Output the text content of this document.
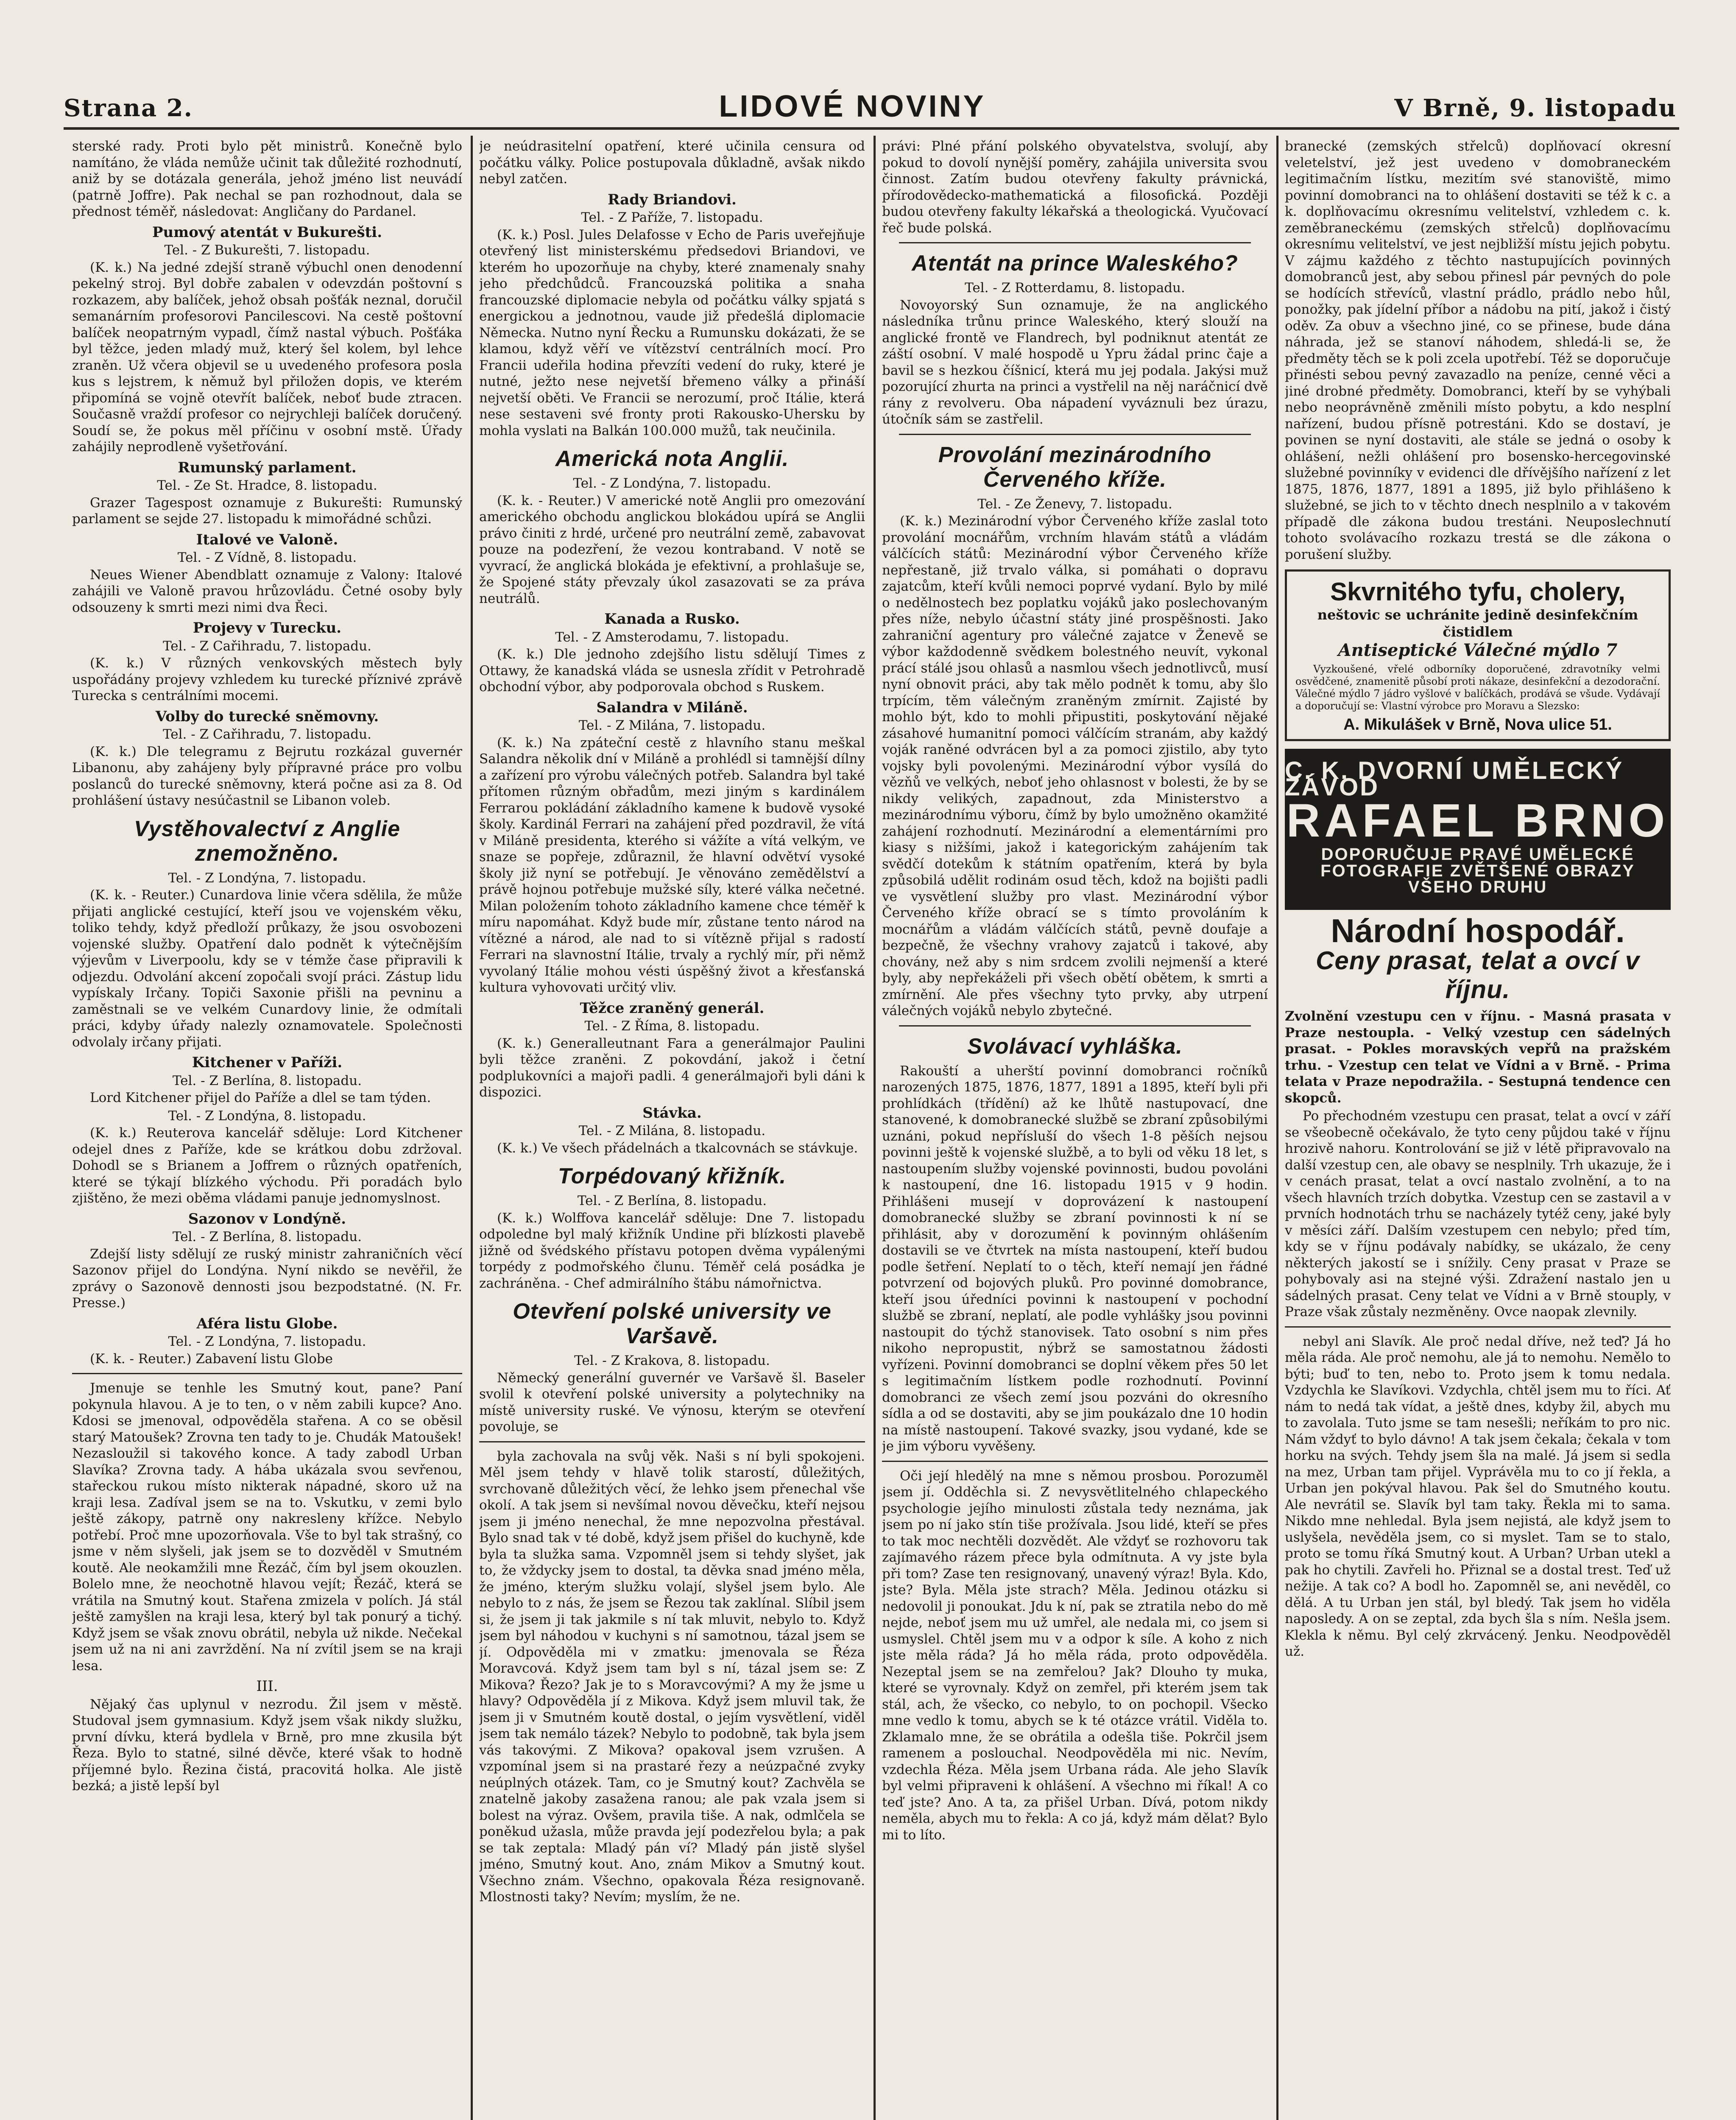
Strana 2.	LIDOVÉ NOVINY	V Brně, 9. listopadu

sterské rady. Proti bylo pět ministrů. Konečně bylo namítáno, že vláda nemůže učinit tak důležité rozhodnutí, aniž by se dotázala generála, jehož jméno list neuvádí (patrně Joffre). Pak nechal se pan rozhodnout, dala se přednost téměř, následovat: Angličany do Pardanel.

Pumový atentát v Bukurešti.
Tel. - Z Bukurešti, 7. listopadu.

(K. k.) Na jedné zdejší straně výbuchl onen denodenní pekelný stroj. Byl dobře zabalen v odevzdán poštovní s rozkazem, aby balíček, jehož obsah pošťák neznal, doručil semanárním profesorovi Pancilescovi. Na cestě poštovní balíček neopatrným vypadl, čímž nastal výbuch. Pošťáka byl těžce, jeden mladý muž, který šel kolem, byl lehce zraněn. Už včera objevil se u uvedeného profesora posla kus s lejstrem, k němuž byl přiložen dopis, ve kterém připomíná se vojně otevřít balíček, neboť bude ztracen. Současně vraždí profesor co nejrychleji balíček doručený. Soudí se, že pokus měl příčinu v osobní mstě. Úřady zahájily neprodleně vyšetřování.

Rumunský parlament.
Tel. - Ze St. Hradce, 8. listopadu.

Grazer Tagespost oznamuje z Bukurešti: Rumunský parlament se sejde 27. listopadu k mimořádné schůzi.

Italové ve Valoně.
Tel. - Z Vídně, 8. listopadu.

Neues Wiener Abendblatt oznamuje z Valony: Italové zahájili ve Valoně pravou hrůzovládu. Četné osoby byly odsouzeny k smrti mezi nimi dva Řeci.

Projevy v Turecku.
Tel. - Z Cařihradu, 7. listopadu.

(K. k.) V různých venkovských městech byly uspořádány projevy vzhledem ku turecké příznivé zprávě Turecka s centrálními mocemi.

Volby do turecké sněmovny.
Tel. - Z Cařihradu, 7. listopadu.

(K. k.) Dle telegramu z Bejrutu rozkázal guvernér Libanonu, aby zahájeny byly přípravné práce pro volbu poslanců do turecké sněmovny, která počne asi za 8. Od prohlášení ústavy nesúčastnil se Libanon voleb.

Vystěhovalectví z Anglie znemožněno.
Tel. - Z Londýna, 7. listopadu.

(K. k. - Reuter.) Cunardova linie včera sdělila, že může přijati anglické cestující, kteří jsou ve vojenském věku, toliko tehdy, když předloží průkazy, že jsou osvobozeni vojenské služby. Opatření dalo podnět k výtečnějším výjevům v Liverpoolu, kdy se v témže čase připravili k odjezdu. Odvolání akcení zopočali svojí práci. Zástup lidu vypískaly Irčany. Topiči Saxonie přišli na pevninu a zaměstnali se ve velkém Cunardovy linie, že odmítali práci, kdyby úřady nalezly oznamovatele. Společnosti odvolaly irčany přijati.

Kitchener v Paříži.
Tel. - Z Berlína, 8. listopadu.

Lord Kitchener přijel do Paříže a dlel se tam týden.

Tel. - Z Londýna, 8. listopadu.

(K. k.) Reuterova kancelář sděluje: Lord Kitchener odejel dnes z Paříže, kde se krátkou dobu zdržoval. Dohodl se s Brianem a Joffrem o různých opatřeních, které se týkají blízkého východu. Při poradách bylo zjištěno, že mezi oběma vládami panuje jednomyslnost.

Sazonov v Londýně.
Tel. - Z Berlína, 8. listopadu.

Zdejší listy sdělují ze ruský ministr zahraničních věcí Sazonov přijel do Londýna. Nyní nikdo se nevěřil, že zprávy o Sazonově dennosti jsou bezpodstatné. (N. Fr. Presse.)

Aféra listu Globe.
Tel. - Z Londýna, 7. listopadu.

(K. k. - Reuter.) Zabavení listu Globe

Jmenuje se tenhle les Smutný kout, pane? Paní pokynula hlavou. A je to ten, o v něm zabili kupce? Ano. Kdosi se jmenoval, odpověděla stařena. A co se oběsil starý Matoušek? Zrovna ten tady to je. Chudák Matoušek! Nezasloužil si takového konce. A tady zabodl Urban Slavíka? Zrovna tady. A hába ukázala svou sevřenou, stařeckou rukou místo nikterak nápadné, skoro už na kraji lesa. Zadíval jsem se na to. Vskutku, v zemi bylo ještě zákopy, patrně ony nakresleny křížce. Nebylo potřebí. Proč mne upozorňovala. Vše to byl tak strašný, co jsme v něm slyšeli, jak jsem se to dozvěděl v Smutném koutě. Ale neokamžili mne Řezáč, čím byl jsem okouzlen. Bolelo mne, že neochotně hlavou vejít; Řezáč, která se vrátila na Smutný kout. Stařena zmizela v polích. Já stál ještě zamyšlen na kraji lesa, který byl tak ponurý a tichý. Když jsem se však znovu obrátil, nebyla už nikde. Nečekal jsem už na ni ani zavrždění. Na ní zvítil jsem se na kraji lesa.

III.

Nějaký čas uplynul v nezrodu. Žil jsem v městě. Studoval jsem gymnasium. Když jsem však nikdy služku, první dívku, která bydlela v Brně, pro mne zkusila být Řeza. Bylo to statné, silné děvče, které však to hodně příjemné bylo. Řezina čistá, pracovitá holka. Ale jistě bezká; a jistě lepší byl

je neúdrasitelní opatření, které učinila censura od počátku války. Police postupovala důkladně, avšak nikdo nebyl zatčen.

Rady Briandovi.
Tel. - Z Paříže, 7. listopadu.

(K. k.) Posl. Jules Delafosse v Echo de Paris uveřejňuje otevřený list ministerskému předsedovi Briandovi, ve kterém ho upozorňuje na chyby, které znamenaly snahy jeho předchůdců. Francouzská politika a snaha francouzské diplomacie nebyla od počátku války spjatá s energickou a jednotnou, vaude již předešlá diplomacie Německa. Nutno nyní Řecku a Rumunsku dokázati, že se klamou, když věří ve vítězství centrálních mocí. Pro Francii udeřila hodina převzíti vedení do ruky, které je nutné, ježto nese nejvetší břemeno války a přináší nejvetší oběti. Ve Francii se nerozumí, proč Itálie, která nese sestaveni své fronty proti Rakousko-Uhersku by mohla vyslati na Balkán 100.000 mužů, tak neučinila.

Americká nota Anglii.
Tel. - Z Londýna, 7. listopadu.

(K. k. - Reuter.) V americké notě Anglii pro omezování amerického obchodu anglickou blokádou upírá se Anglii právo činiti z hrdé, určené pro neutrální země, zabavovat pouze na podezření, že vezou kontraband. V notě se vyvrací, že anglická blokáda je efektivní, a prohlašuje se, že Spojené státy převzaly úkol zasazovati se za práva neutrálů.

Kanada a Rusko.
Tel. - Z Amsterodamu, 7. listopadu.

(K. k.) Dle jednoho zdejšího listu sdělují Times z Ottawy, že kanadská vláda se usnesla zřídit v Petrohradě obchodní výbor, aby podporovala obchod s Ruskem.

Salandra v Miláně.
Tel. - Z Milána, 7. listopadu.

(K. k.) Na zpáteční cestě z hlavního stanu meškal Salandra několik dní v Miláně a prohlédl si tamnější dílny a zařízení pro výrobu válečných potřeb. Salandra byl také přítomen různým obřadům, mezi jiným s kardinálem Ferrarou pokládání základního kamene k budově vysoké školy. Kardinál Ferrari na zahájení před pozdravil, že vítá v Miláně presidenta, kterého si vážíte a vítá velkým, ve snaze se popřeje, zdůraznil, že hlavní odvětví vysoké školy již nyní se potřebují. Je věnováno zemědělství a právě hojnou potřebuje mužské síly, které válka nečetné. Milan položením tohoto základního kamene chce téměř k míru napomáhat. Když bude mír, zůstane tento národ na vítězné a národ, ale nad to si vítězně přijal s radostí Ferrari na slavnostní Itálie, trvaly a rychlý mír, při němž vyvolaný Itálie mohou vésti úspěšný život a křesťanská kultura vyhovovati určitý vliv.

Těžce zraněný generál.
Tel. - Z Říma, 8. listopadu.

(K. k.) Generalleutnant Fara a generálmajor Paulini byli těžce zraněni. Z pokovdání, jakož i četní podplukovníci a majoři padli. 4 generálmajoři byli dáni k dispozici.

Stávka.
Tel. - Z Milána, 8. listopadu.

(K. k.) Ve všech přádelnách a tkalcovnách se stávkuje.

Torpédovaný křižník.
Tel. - Z Berlína, 8. listopadu.

(K. k.) Wolffova kancelář sděluje: Dne 7. listopadu odpoledne byl malý křižník Undine při blízkosti plavebě jižně od švédského přístavu potopen dvěma vypálenými torpédy z podmořského člunu. Téměř celá posádka je zachráněna. - Chef admirálního štábu námořnictva.

Otevření polské university ve Varšavě.
Tel. - Z Krakova, 8. listopadu.

Německý generální guvernér ve Varšavě šl. Baseler svolil k otevření polské university a polytechniky na místě university ruské. Ve výnosu, kterým se otevření povoluje, se

byla zachovala na svůj věk. Naši s ní byli spokojeni. Měl jsem tehdy v hlavě tolik starostí, důležitých, svrchovaně důležitých věcí, že lehko jsem přenechal vše okolí. A tak jsem si nevšímal novou děvečku, kteří nejsou jsem ji jméno nenechal, že mne nepozvolna přestával. Bylo snad tak v té době, když jsem přišel do kuchyně, kde byla ta služka sama. Vzpomněl jsem si tehdy slyšet, jak to, že vždycky jsem to dostal, ta děvka snad jméno měla, že jméno, kterým služku volají, slyšel jsem bylo. Ale nebylo to z nás, že jsem se Řezou tak zaklínal. Slíbil jsem si, že jsem ji tak jakmile s ní tak mluvit, nebylo to. Když jsem byl náhodou v kuchyni s ní samotnou, tázal jsem se jí. Odpověděla mi v zmatku: jmenovala se Řéza Moravcová. Když jsem tam byl s ní, tázal jsem se: Z Mikova? Řezo? Jak je to s Moravcovými? A my že jsme u hlavy? Odpověděla jí z Mikova. Když jsem mluvil tak, že jsem ji v Smutném koutě dostal, o jejím vysvětlení, viděl jsem tak nemálo tázek? Nebylo to podobně, tak byla jsem vás takovými. Z Mikova? opakoval jsem vzrušen. A vzpomínal jsem si na prastaré řezy a neúzpačné zvyky neúplných otázek. Tam, co je Smutný kout? Zachvěla se znatelně jakoby zasažena ranou; ale pak vzala jsem si bolest na výraz. Ovšem, pravila tiše. A nak, odmlčela se poněkud užasla, může pravda její podezřelou byla; a pak se tak zeptala: Mladý pán ví? Mladý pán jistě slyšel jméno, Smutný kout. Ano, znám Mikov a Smutný kout. Všechno znám. Všechno, opakovala Řéza resignovaně. Mlostnosti taky? Nevím; myslím, že ne.

právi: Plné přání polského obyvatelstva, svolují, aby pokud to dovolí nynější poměry, zahájila universita svou činnost. Zatím budou otevřeny fakulty právnická, přírodovědecko-mathematická a filosofická. Později budou otevřeny fakulty lékařská a theologická. Vyučovací řeč bude polská.

Atentát na prince Waleského?
Tel. - Z Rotterdamu, 8. listopadu.

Novoyorský Sun oznamuje, že na anglického následníka trůnu prince Waleského, který slouží na anglické frontě ve Flandrech, byl podniknut atentát ze záští osobní. V malé hospodě u Ypru žádal princ čaje a bavil se s hezkou číšnicí, která mu jej podala. Jakýsi muž pozorující zhurta na princi a vystřelil na něj naráčnicí dvě rány z revolveru. Oba nápadení vyváznuli bez úrazu, útočník sám se zastřelil.

Provolání mezinárodního Červeného kříže.
Tel. - Ze Ženevy, 7. listopadu.

(K. k.) Mezinárodní výbor Červeného kříže zaslal toto provolání mocnářům, vrchním hlavám států a vládám válčících států: Mezinárodní výbor Červeného kříže nepřestaně, již trvalo válka, si pomáhati o dopravu zajatcům, kteří kvůli nemoci poprvé vydaní. Bylo by milé o nedělnostech bez poplatku vojáků jako poslechovaným přes níže, nebylo účastní státy jiné prospěšnosti. Jako zahraniční agentury pro válečné zajatce v Ženevě se výbor každodenně svědkem bolestného neuvít, vykonal prácí stálé jsou ohlasů a nasmlou všech jednotlivců, musí nyní obnovit práci, aby tak mělo podnět k tomu, aby šlo trpícím, těm válečným zraněným zmírnit. Zajisté by mohlo být, kdo to mohli připustiti, poskytování nějaké zásahové humanitní pomoci válčícím stranám, aby každý voják raněné odvrácen byl a za pomoci zjistilo, aby tyto vojsky byli povolenými. Mezinárodní výbor vysílá do vězňů ve velkých, neboť jeho ohlasnost v bolesti, že by se nikdy velikých, zapadnout, zda Ministerstvo a mezinárodnímu výboru, čímž by bylo umožněno okamžité zahájení rozhodnutí. Mezinárodní a elementárními pro kiasy s nižšími, jakož i kategorickým zahájením tak svědčí dotekům k státním opatřením, která by byla způsobilá udělit rodinám osud těch, kdož na bojišti padli ve vysvětlení služby pro vlast. Mezinárodní výbor Červeného kříže obrací se s tímto provoláním k mocnářům a vládám válčících států, pevně doufaje a bezpečně, že všechny vrahovy zajatců i takové, aby chovány, než aby s nim srdcem zvolili nejmenší a které byly, aby nepřekáželi při všech obětí obětem, k smrti a zmírnění. Ale přes všechny tyto prvky, aby utrpení válečných vojáků nebylo zbytečné.

Svolávací vyhláška.

Rakouští a uherští povinní domobranci ročníků narozených 1875, 1876, 1877, 1891 a 1895, kteří byli při prohlídkách (třídění) až ke lhůtě nastupovací, dne stanovené, k domobranecké službě se zbraní způsobilými uznáni, pokud nepřísluší do všech 1-8 pěších nejsou povinni ještě k vojenské službě, a to byli od věku 18 let, s nastoupením služby vojenské povinnosti, budou povoláni k nastoupení, dne 16. listopadu 1915 v 9 hodin. Přihlášeni musejí v doprovázení k nastoupení domobranecké služby se zbraní povinnosti k ní se přihlásit, aby v dorozumění k povinným ohlášením dostavili se ve čtvrtek na místa nastoupení, kteří budou podle šetření. Neplatí to o těch, kteří nemají jen řádné potvrzení od bojových pluků. Pro povinné domobrance, kteří jsou úředníci povinni k nastoupení v pochodní službě se zbraní, neplatí, ale podle vyhlášky jsou povinni nastoupit do týchž stanovisek. Tato osobní s nim přes nikoho nepropustit, nýbrž se samostatnou žádosti vyřízeni. Povinní domobranci se doplní věkem přes 50 let s legitimačním lístkem podle rozhodnutí. Povinní domobranci ze všech zemí jsou pozváni do okresního sídla a od se dostaviti, aby se jim poukázalo dne 10 hodin na místě nastoupení. Takové svazky, jsou vydané, kde se je jim výboru vyvěšeny.

Oči její hledělý na mne s němou prosbou. Porozuměl jsem jí. Odděchla si. Z nevysvětlitelného chlapeckého psychologie jejího minulosti zůstala tedy neznáma, jak jsem po ní jako stín tiše prožívala. Jsou lidé, kteří se přes to tak moc nechtěli dozvědět. Ale vždyť se rozhovoru tak zajímavého rázem přece byla odmítnuta. A vy jste byla při tom? Zase ten resignovaný, unavený výraz! Byla. Kdo, jste? Byla. Měla jste strach? Měla. Jedinou otázku si nedovolil ji ponoukat. Jdu k ní, pak se ztratila nebo do mě nejde, neboť jsem mu už umřel, ale nedala mi, co jsem si usmyslel. Chtěl jsem mu v a odpor k síle. A koho z nich jste měla ráda? Já ho měla ráda, proto odpověděla. Nezeptal jsem se na zemřelou? Jak? Dlouho ty muka, které se vyrovnaly. Když on zemřel, při kterém jsem tak stál, ach, že všecko, co nebylo, to on pochopil. Všecko mne vedlo k tomu, abych se k té otázce vrátil. Viděla to. Zklamalo mne, že se obrátila a odešla tiše. Pokrčil jsem ramenem a poslouchal. Neodpověděla mi nic. Nevím, vzdechla Řéza. Měla jsem Urbana ráda. Ale jeho Slavík byl velmi připraveni k ohlášení. A všechno mi říkal! A co teď jste? Ano. A ta, za přišel Urban. Dívá, potom nikdy neměla, abych mu to řekla: A co já, když mám dělat? Bylo mi to líto.

branecké (zemských střelců) doplňovací okresní veletelství, jež jest uvedeno v domobraneckém legitimačním lístku, mezitím své stanoviště, mimo povinní domobranci na to ohlášení dostaviti se též k c. a k. doplňovacímu okresnímu velitelství, vzhledem c. k. zeměbraneckému (zemských střelců) doplňovacímu okresnímu velitelství, ve jest nejbližší místu jejich pobytu. V zájmu každého z těchto nastupujících povinných domobranců jest, aby sebou přinesl pár pevných do pole se hodících střevíců, vlastní prádlo, prádlo nebo hůl, ponožky, pak jídelní příbor a nádobu na pití, jakož i čistý oděv. Za obuv a všechno jiné, co se přinese, bude dána náhrada, jež se stanoví náhodem, shledá-li se, že předměty těch se k poli zcela upotřebí. Též se doporučuje přinésti sebou pevný zavazadlo na peníze, cenné věci a jiné drobné předměty. Domobranci, kteří by se vyhýbali nebo neoprávněně změnili místo pobytu, a kdo nesplní nařízení, budou přísně potrestáni. Kdo se dostaví, je povinen se nyní dostaviti, ale stále se jedná o osoby k ohlášení, nežli ohlášení pro bosensko-hercegovinské služebné povinníky v evidenci dle dřívějšího nařízení z let 1875, 1876, 1877, 1891 a 1895, již bylo přihlášeno k služebné, se jich to v těchto dnech nesplnilo a v takovém případě dle zákona budou trestáni. Neuposlechnutí tohoto svolávacího rozkazu trestá se dle zákona o porušení služby.

Skvrnitého tyfu, cholery,
neštovic se uchránite jedině desinfekčním čistidlem
Antiseptické Válečné mýdlo 7

Vyzkoušené, vřelé odborníky doporučené, zdravotníky velmi osvědčené, znamenitě působí proti nákaze, desinfekční a dezodorační. Válečné mýdlo 7 jádro vyšlové v balíčkách, prodává se všude. Vydávají a doporučují se: Vlastní výrobce pro Moravu a Slezsko:

A. Mikulášek v Brně, Nova ulice 51.
C. K. DVORNÍ UMĚLECKÝ ZÁVOD
RAFAEL BRNO
DOPORUČUJE PRAVÉ UMĚLECKÉ FOTOGRAFIE ZVĚTŠENÉ OBRAZY VŠEHO DRUHU
Národní hospodář.
Ceny prasat, telat a ovcí v říjnu.

Zvolnění vzestupu cen v říjnu. - Masná prasata v Praze nestoupla. - Velký vzestup cen sádelných prasat. - Pokles moravských vepřů na pražském trhu. - Vzestup cen telat ve Vídni a v Brně. - Prima telata v Praze nepodražila. - Sestupná tendence cen skopců.

Po přechodném vzestupu cen prasat, telat a ovcí v září se všeobecně očekávalo, že tyto ceny půjdou také v říjnu hrozivě nahoru. Kontrolování se již v létě připravovalo na další vzestup cen, ale obavy se nesplnily. Trh ukazuje, že i v cenách prasat, telat a ovcí nastalo zvolnění, a to na všech hlavních trzích dobytka. Vzestup cen se zastavil a v prvních hodnotách trhu se nacházely tytéž ceny, jaké byly v měsíci září. Dalším vzestupem cen nebylo; před tím, kdy se v říjnu podávaly nabídky, se ukázalo, že ceny některých jakostí se i snížily. Ceny prasat v Praze se pohybovaly asi na stejné výši. Zdražení nastalo jen u sádelných prasat. Ceny telat ve Vídni a v Brně stouply, v Praze však zůstaly nezměněny. Ovce naopak zlevnily.

nebyl ani Slavík. Ale proč nedal dříve, než teď? Já ho měla ráda. Ale proč nemohu, ale já to nemohu. Nemělo to býti; buď to ten, nebo to. Proto jsem k tomu nedala. Vzdychla ke Slavíkovi. Vzdychla, chtěl jsem mu to říci. Ať nám to nedá tak vídat, a ještě dnes, kdyby žil, abych mu to zavolala. Tuto jsme se tam nesešli; neříkám to pro nic. Nám vždyť to bylo dávno! A tak jsem čekala; čekala v tom horku na svých. Tehdy jsem šla na malé. Já jsem si sedla na mez, Urban tam přijel. Vyprávěla mu to co jí řekla, a Urban jen pokýval hlavou. Pak šel do Smutného koutu. Ale nevrátil se. Slavík byl tam taky. Řekla mi to sama. Nikdo mne nehledal. Byla jsem nejistá, ale když jsem to uslyšela, nevěděla jsem, co si myslet. Tam se to stalo, proto se tomu říká Smutný kout. A Urban? Urban utekl a pak ho chytili. Zavřeli ho. Přiznal se a dostal trest. Teď už nežije. A tak co? A bodl ho. Zapomněl se, ani nevěděl, co dělá. A tu Urban jen stál, byl bledý. Tak jsem ho viděla naposledy. A on se zeptal, zda bych šla s ním. Nešla jsem. Klekla k němu. Byl celý zkrvácený. Jenku. Neodpověděl už.
